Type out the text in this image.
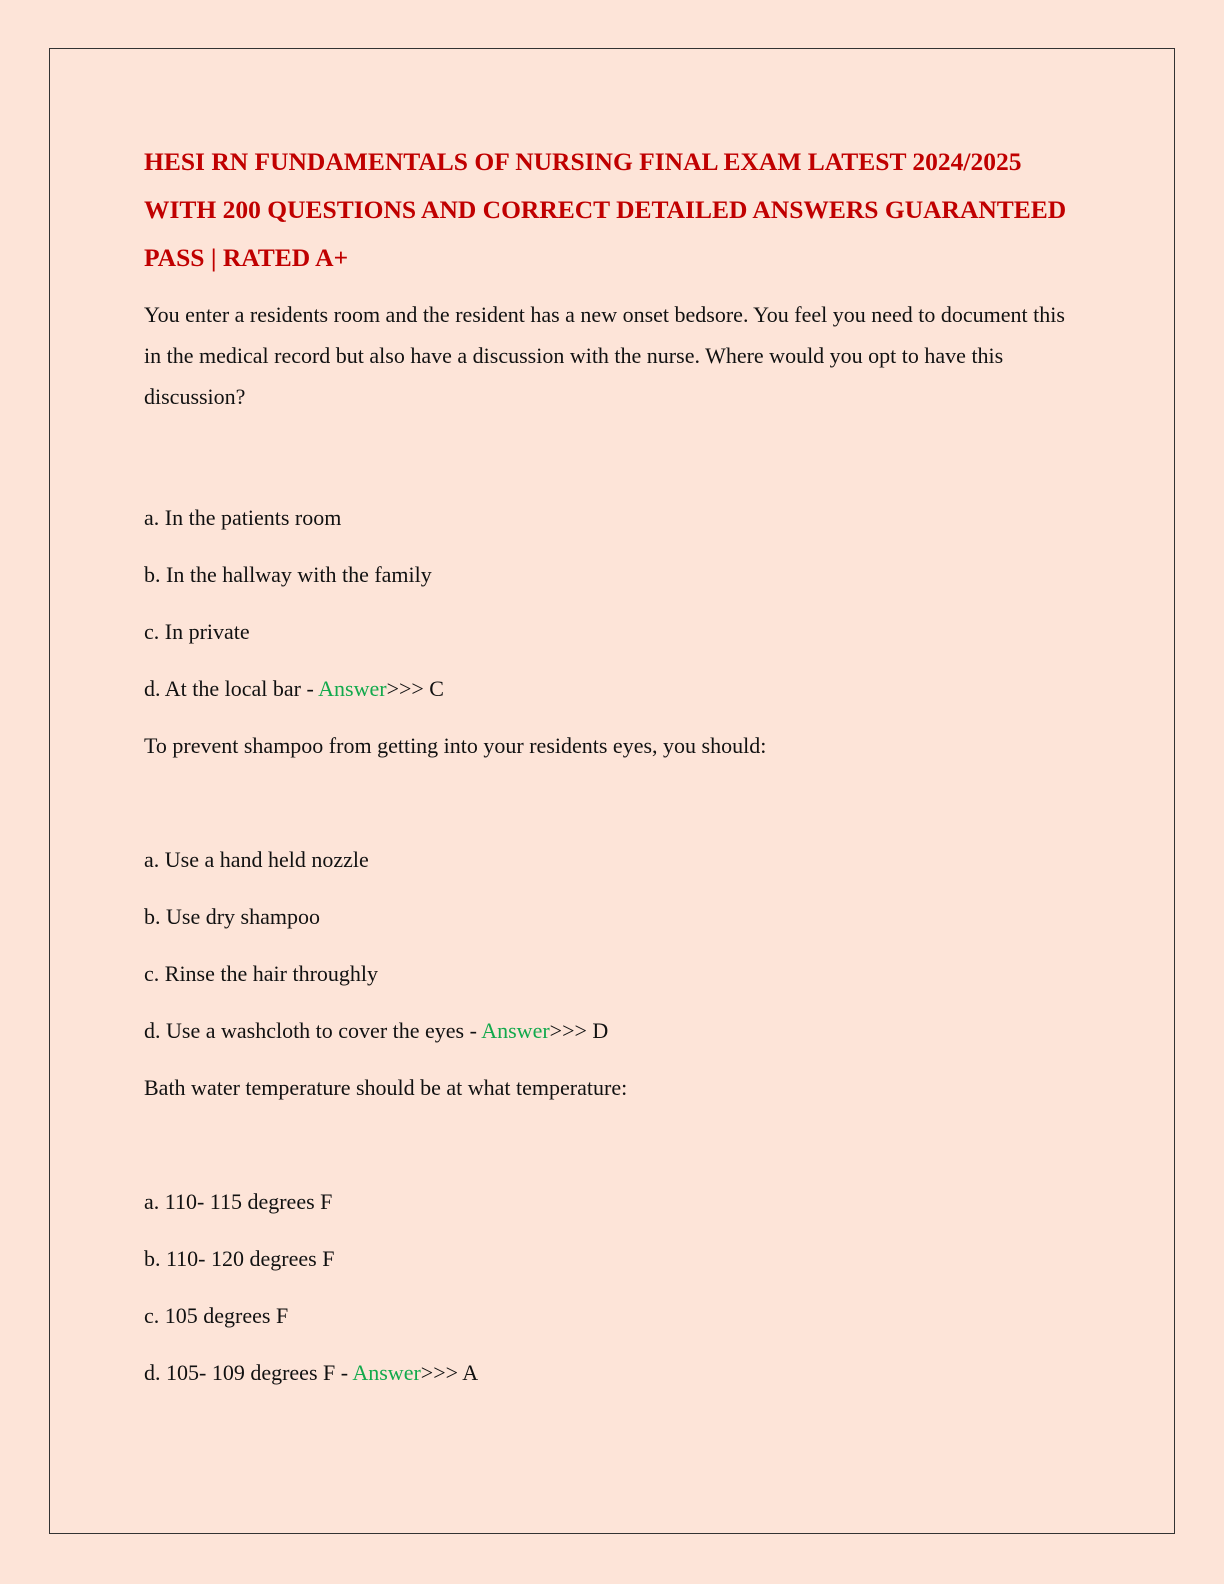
HESI RN FUNDAMENTALS OF NURSING FINAL EXAM LATEST 2024/2025 WITH 200 QUESTIONS AND CORRECT DETAILED ANSWERS GUARANTEED PASS | RATED A+

You enter a residents room and the resident has a new onset bedsore. You feel you need to document this in the medical record but also have a discussion with the nurse. Where would you opt to have this discussion?

a. In the patients room

b. In the hallway with the family

c. In private

d. At the local bar - Answer>>> C

To prevent shampoo from getting into your residents eyes, you should:

a. Use a hand held nozzle

b. Use dry shampoo

c. Rinse the hair throughly

d. Use a washcloth to cover the eyes - Answer>>> D

Bath water temperature should be at what temperature:

a. 110- 115 degrees F

b. 110- 120 degrees F

c. 105 degrees F

d. 105- 109 degrees F - Answer>>> A
